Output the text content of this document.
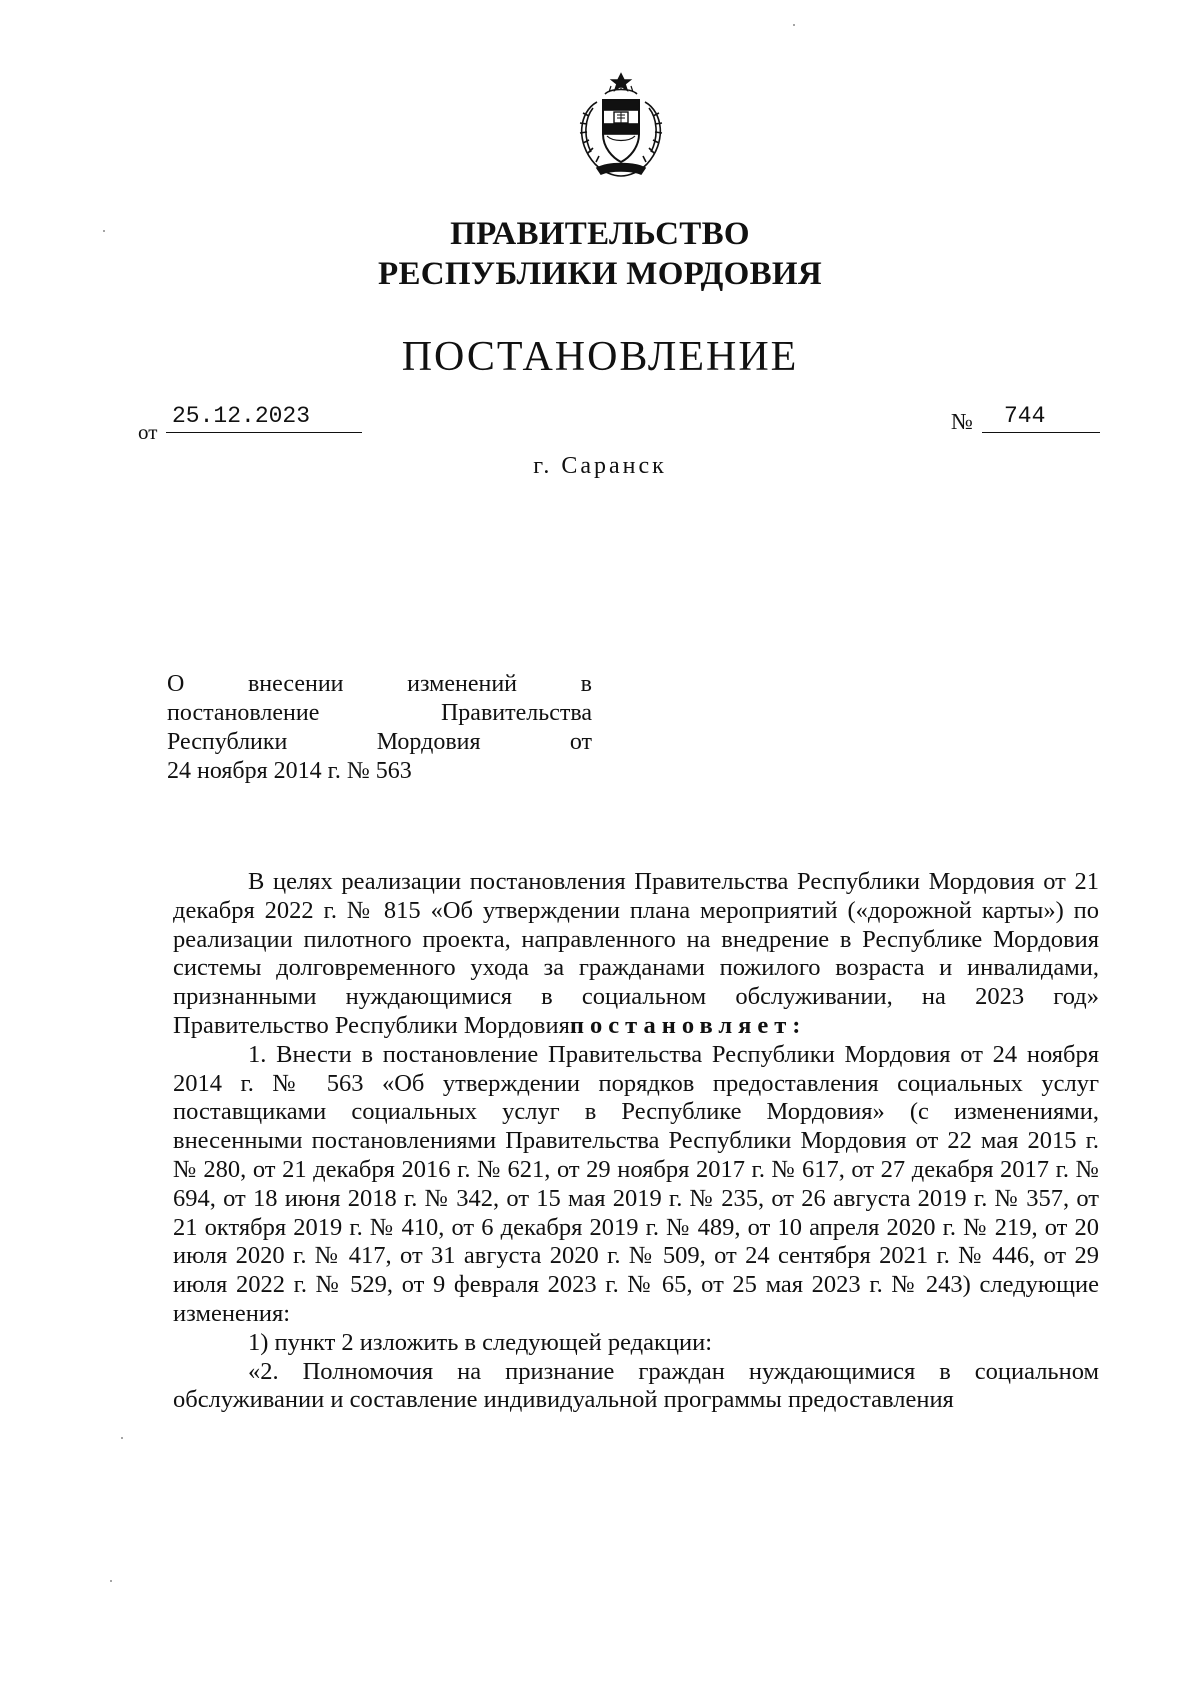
ПРАВИТЕЛЬСТВО
РЕСПУБЛИКИ МОРДОВИЯ
ПОСТАНОВЛЕНИЕ
от
25.12.2023	№	744
г. Саранск
О внесении изменений в
постановление Правительства
Республики Мордовия от
24 ноября 2014 г. № 563

В целях реализации постановления Правительства Республики Мордовия от 21 декабря 2022 г. № 815 «Об утверждении плана мероприятий («дорожной карты») по реализации пилотного проекта, направленного на внедрение в Республике Мордовия системы долговременного ухода за гражданами пожилого возраста и инвалидами, признанными нуждающимися в социальном обслуживании, на 2023 год» Правительство Республики Мордовияпостановляет:

1. Внести в постановление Правительства Республики Мордовия от 24 ноября 2014 г. № 563 «Об утверждении порядков предоставления социальных услуг поставщиками социальных услуг в Республике Мордовия» (с изменениями, внесенными постановлениями Правительства Республики Мордовия от 22 мая 2015 г. № 280, от 21 декабря 2016 г. № 621, от 29 ноября 2017 г. № 617, от 27 декабря 2017 г. № 694, от 18 июня 2018 г. № 342, от 15 мая 2019 г. № 235, от 26 августа 2019 г. № 357, от 21 октября 2019 г. № 410, от 6 декабря 2019 г. № 489, от 10 апреля 2020 г. № 219, от 20 июля 2020 г. № 417, от 31 августа 2020 г. № 509, от 24 сентября 2021 г. № 446, от 29 июля 2022 г. № 529, от 9 февраля 2023 г. № 65, от 25 мая 2023 г. № 243) следующие изменения:

1) пункт 2 изложить в следующей редакции:

«2. Полномочия на признание граждан нуждающимися в социальном обслуживании и составление индивидуальной программы предоставления
